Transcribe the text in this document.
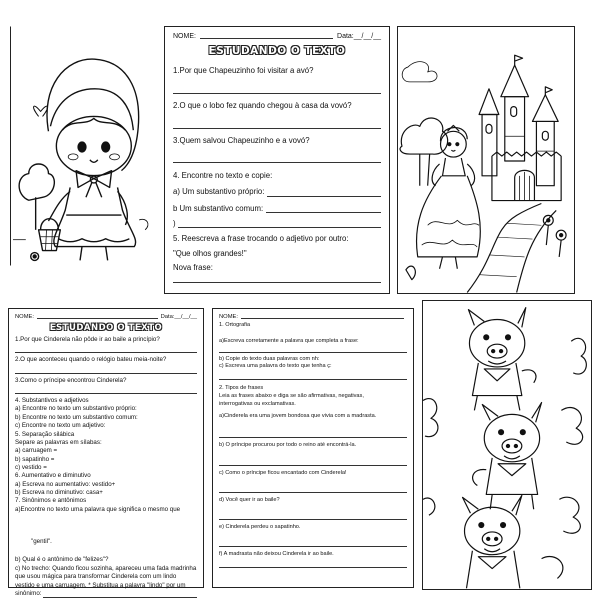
NOME:	Data:__/__/__
ESTUDANDO O TEXTO

1.Por que Chapeuzinho foi visitar a avó?

2.O que o lobo fez quando chegou à casa da vovó?

3.Quem salvou Chapeuzinho e a vovó?

4. Encontre no texto e copie:

a) Um substantivo próprio:
b Um substantivo comum:
)

5. Reescreva a frase trocando o adjetivo por outro:

"Que olhos grandes!"

Nova frase:

NOME:	Data:__/__/__
ESTUDANDO O TEXTO
1.Por que Cinderela não pôde ir ao baile a princípio?
2.O que aconteceu quando o relógio bateu meia-noite?
3.Como o príncipe encontrou Cinderela?
4. Substantivos e adjetivos
a) Encontre no texto um substantivo próprio:
b) Encontre no texto um substantivo comum:
c) Encontre no texto um adjetivo:
5. Separação silábica
Separe as palavras em sílabas:
a) carruagem =
b) sapatinho =
c) vestido =
6. Aumentativo e diminutivo
a) Escreva no aumentativo: vestido+
b) Escreva no diminutivo: casa+
7. Sinônimos e antônimos
a)Encontre no texto uma palavra que significa o mesmo que
"gentil".
b) Qual é o antônimo de "felizes"?
c) No trecho: Quando ficou sozinha, apareceu uma fada madrinha
que usou mágica para transformar Cinderela com um lindo
vestido e uma carruagem. * Substitua a palavra "lindo" por um
sinônimo:
NOME:
1. Ortografia
a)Escreva corretamente a palavra que completa a frase:
b) Copie do texto duas palavras com nh:
c) Escreva uma palavra do texto que tenha ç:
2. Tipos de frases
Leia as frases abaixo e diga se são afirmativas, negativas,
interrogativas ou exclamativas.
a)Cinderela era uma jovem bondosa que vivia com a madrasta.
b) O príncipe procurou por todo o reino até encontrá-la.
c) Como o príncipe ficou encantado com Cinderela!
d) Você quer ir ao baile?
e) Cinderela perdeu o sapatinho.
f) A madrasta não deixou Cinderela ir ao baile.
